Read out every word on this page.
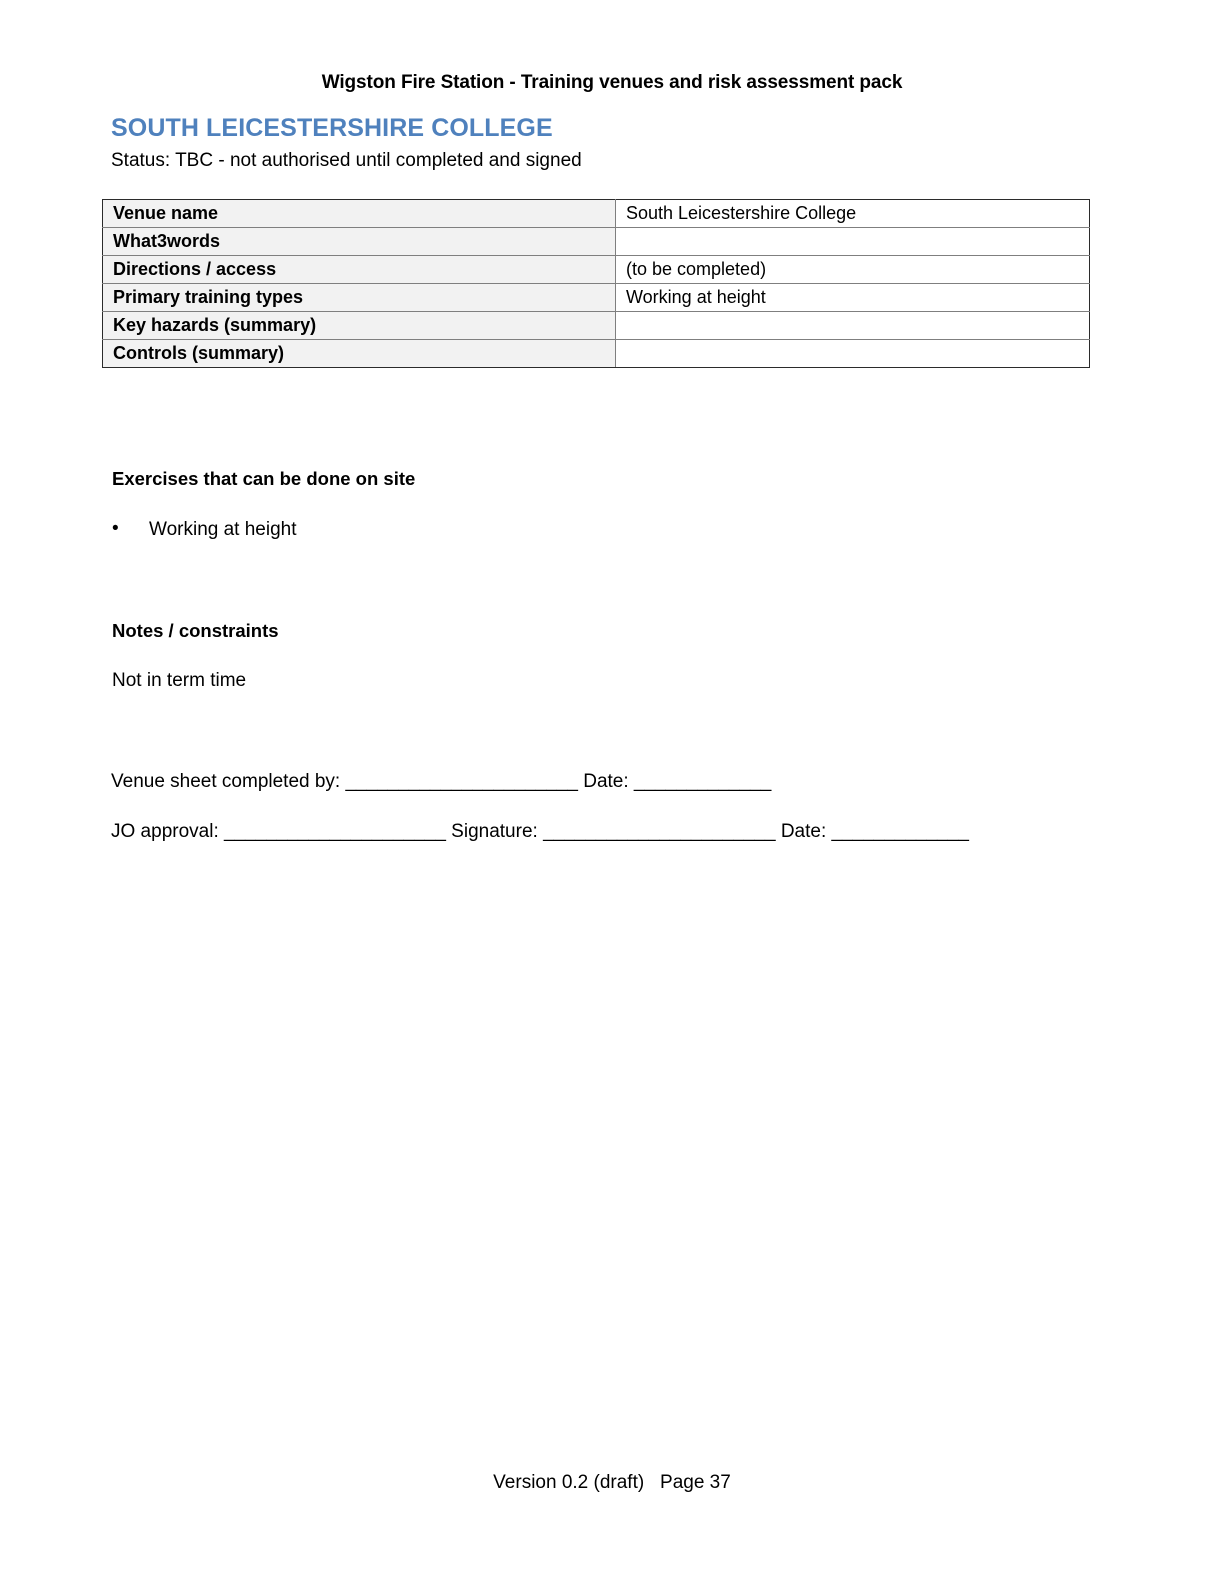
Wigston Fire Station - Training venues and risk assessment pack
SOUTH LEICESTERSHIRE COLLEGE
Status: TBC - not authorised until completed and signed
Venue name	South Leicestershire College
What3words	
Directions / access	(to be completed)
Primary training types	Working at height
Key hazards (summary)	
Controls (summary)	
Exercises that can be done on site
• Working at height
Notes / constraints
Not in term time
Venue sheet completed by: ______________________ Date: _____________
JO approval: _____________________ Signature: ______________________ Date: _____________
Version 0.2 (draft)   Page 37
